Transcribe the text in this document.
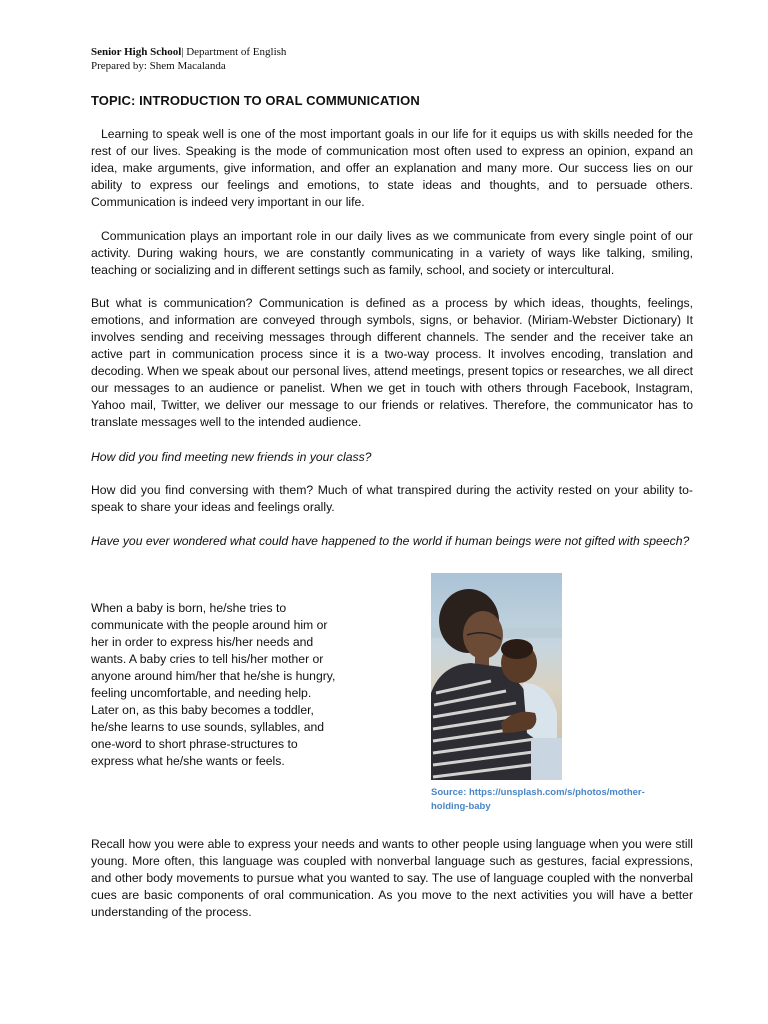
Senior High School| Department of English
Prepared by: Shem Macalanda
TOPIC: INTRODUCTION TO ORAL COMMUNICATION

Learning to speak well is one of the most important goals in our life for it equips us with skills needed for the rest of our lives. Speaking is the mode of communication most often used to express an opinion, expand an idea, make arguments, give information, and offer an explanation and many more. Our success lies on our ability to express our feelings and emotions, to state ideas and thoughts, and to persuade others. Communication is indeed very important in our life.

Communication plays an important role in our daily lives as we communicate from every single point of our activity. During waking hours, we are constantly communicating in a variety of ways like talking, smiling, teaching or socializing and in different settings such as family, school, and society or intercultural.

But what is communication? Communication is defined as a process by which ideas, thoughts, feelings, emotions, and information are conveyed through symbols, signs, or behavior. (Miriam-Webster Dictionary) It involves sending and receiving messages through different channels. The sender and the receiver take an active part in communication process since it is a two-way process. It involves encoding, translation and decoding. When we speak about our personal lives, attend meetings, present topics or researches, we all direct our messages to an audience or panelist. When we get in touch with others through Facebook, Instagram, Yahoo mail, Twitter, we deliver our message to our friends or relatives. Therefore, the communicator has to translate messages well to the intended audience.

How did you find meeting new friends in your class?

How did you find conversing with them? Much of what transpired during the activity rested on your ability to- speak to share your ideas and feelings orally.

Have you ever wondered what could have happened to the world if human beings were not gifted with speech?

When a baby is born, he/she tries to communicate with the people around him or her in order to express his/her needs and wants. A baby cries to tell his/her mother or anyone around him/her that he/she is hungry, feeling uncomfortable, and needing help. Later on, as this baby becomes a toddler, he/she learns to use sounds, syllables, and one-word to short phrase-structures to express what he/she wants or feels.

Source: https://unsplash.com/s/photos/mother-holding-baby

Recall how you were able to express your needs and wants to other people using language when you were still young. More often, this language was coupled with nonverbal language such as gestures, facial expressions, and other body movements to pursue what you wanted to say. The use of language coupled with the nonverbal cues are basic components of oral communication. As you move to the next activities you will have a better understanding of the process.
